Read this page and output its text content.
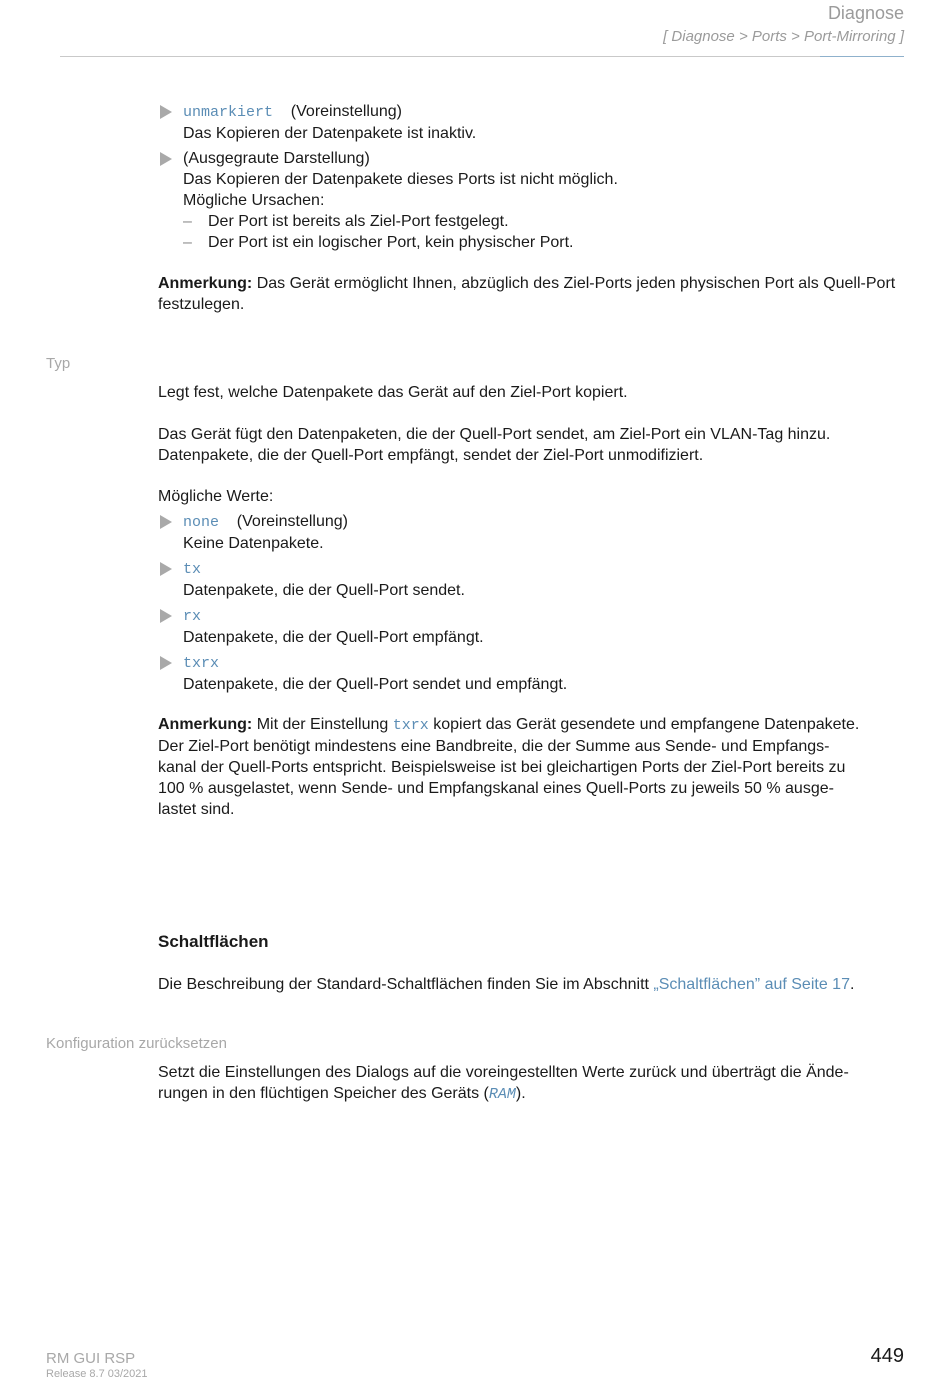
Diagnose
[ Diagnose > Ports > Port-Mirroring ]
unmarkiert (Voreinstellung)
Das Kopieren der Datenpakete ist inaktiv.
(Ausgegraute Darstellung)
Das Kopieren der Datenpakete dieses Ports ist nicht möglich.
Mögliche Ursachen:
– Der Port ist bereits als Ziel-Port festgelegt.
– Der Port ist ein logischer Port, kein physischer Port.
Anmerkung: Das Gerät ermöglicht Ihnen, abzüglich des Ziel-Ports jeden physischen Port als Quell-Port festzulegen.
Legt fest, welche Datenpakete das Gerät auf den Ziel-Port kopiert.
Das Gerät fügt den Datenpaketen, die der Quell-Port sendet, am Ziel-Port ein VLAN-Tag hinzu. Datenpakete, die der Quell-Port empfängt, sendet der Ziel-Port unmodifiziert.
Mögliche Werte:
none (Voreinstellung)
Keine Datenpakete.
tx
Datenpakete, die der Quell-Port sendet.
rx
Datenpakete, die der Quell-Port empfängt.
txrx
Datenpakete, die der Quell-Port sendet und empfängt.
Anmerkung: Mit der Einstellung txrx kopiert das Gerät gesendete und empfangene Datenpakete.
Der Ziel-Port benötigt mindestens eine Bandbreite, die der Summe aus Sende- und Empfangs-
kanal der Quell-Ports entspricht. Beispielsweise ist bei gleichartigen Ports der Ziel-Port bereits zu
100 % ausgelastet, wenn Sende- und Empfangskanal eines Quell-Ports zu jeweils 50 % ausge-
lastet sind.
Schaltflächen
Die Beschreibung der Standard-Schaltflächen finden Sie im Abschnitt „Schaltflächen” auf Seite 17.
Setzt die Einstellungen des Dialogs auf die voreingestellten Werte zurück und überträgt die Ände-
rungen in den flüchtigen Speicher des Geräts (RAM).
Typ
Konfiguration zurücksetzen
RM GUI RSP
Release 8.7 03/2021
449
